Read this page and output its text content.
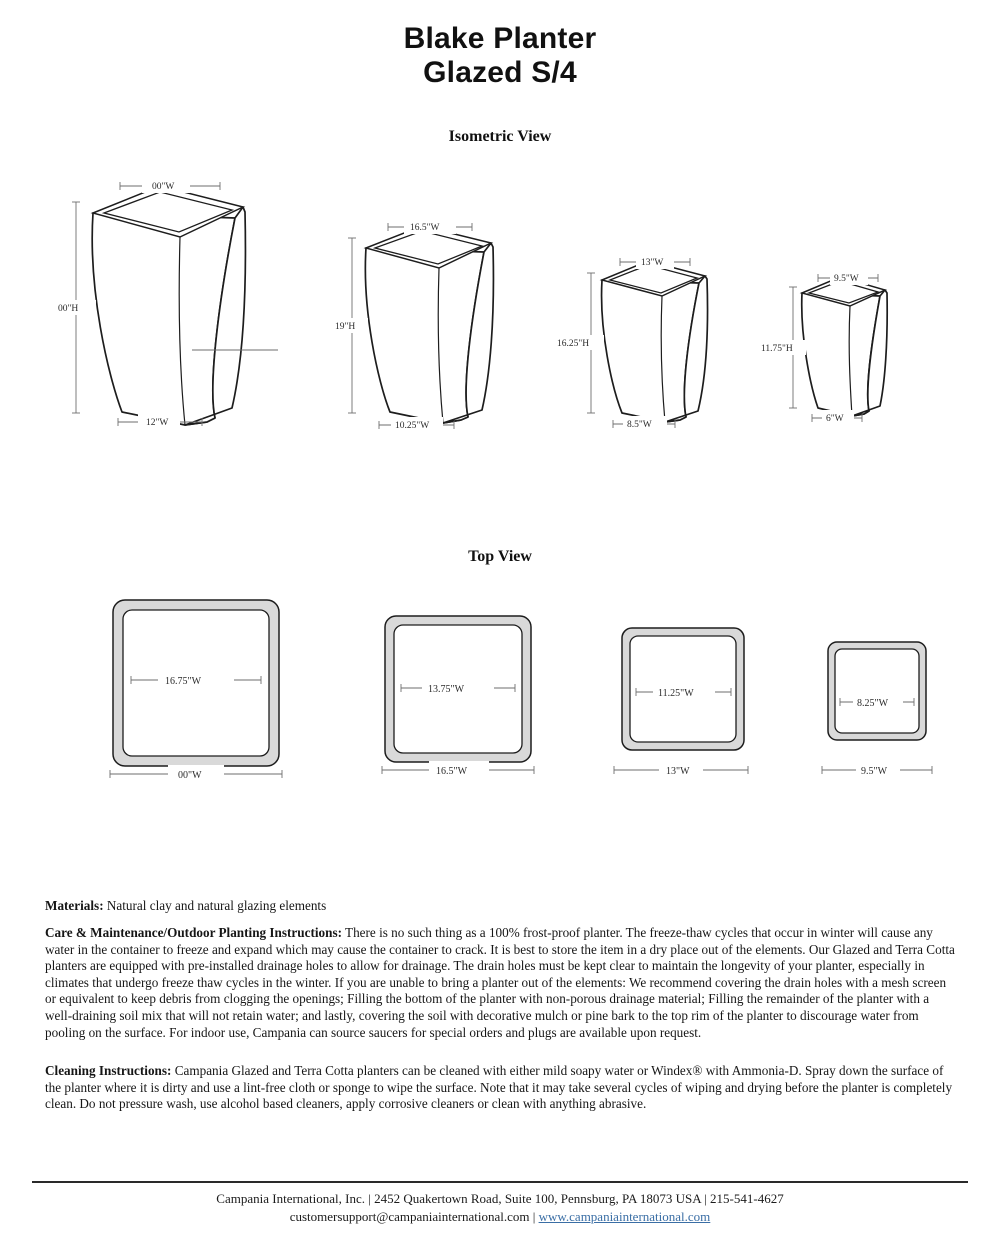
Blake Planter
Glazed S/4
Isometric View
00"W
00"H
12"W
16.5"W
19"H
10.25"W
13"W
16.25"H
8.5"W
9.5"W
11.75"H
6"W
Top View
16.75"W
00"W
13.75"W
16.5"W
11.25"W
13"W
8.25"W
9.5"W
Materials: Natural clay and natural glazing elements
Care & Maintenance/Outdoor Planting Instructions: There is no such thing as a 100% frost-proof planter. The freeze-thaw cycles that occur in winter will cause any water in the container to freeze and expand which may cause the container to crack. It is best to store the item in a dry place out of the elements. Our Glazed and Terra Cotta planters are equipped with pre-installed drainage holes to allow for drainage. The drain holes must be kept clear to maintain the longevity of your planter, especially in climates that undergo freeze thaw cycles in the winter. If you are unable to bring a planter out of the elements: We recommend covering the drain holes with a mesh screen or equivalent to keep debris from clogging the openings; Filling the bottom of the planter with non-porous drainage material; Filling the remainder of the planter with a well-draining soil mix that will not retain water; and lastly, covering the soil with decorative mulch or pine bark to the top rim of the planter to discourage water from pooling on the surface. For indoor use, Campania can source saucers for special orders and plugs are available upon request.
Cleaning Instructions: Campania Glazed and Terra Cotta planters can be cleaned with either mild soapy water or Windex® with Ammonia-D. Spray down the surface of the planter where it is dirty and use a lint-free cloth or sponge to wipe the surface. Note that it may take several cycles of wiping and drying before the planter is completely clean. Do not pressure wash, use alcohol based cleaners, apply corrosive cleaners or clean with anything abrasive.
Campania International, Inc. | 2452 Quakertown Road, Suite 100, Pennsburg, PA 18073 USA | 215-541-4627
customersupport@campaniainternational.com | www.campaniainternational.com
